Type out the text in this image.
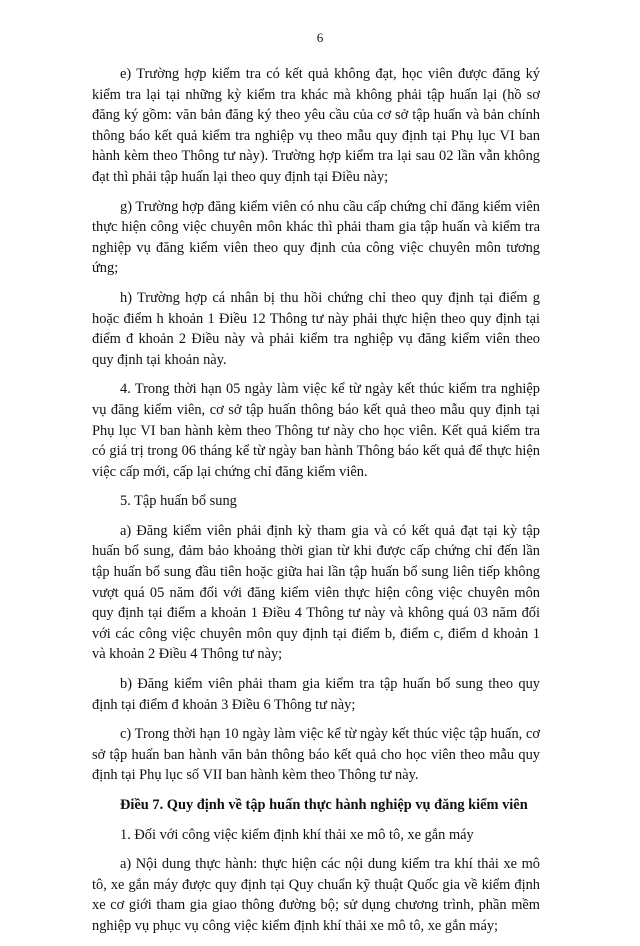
6

e) Trường hợp kiểm tra có kết quả không đạt, học viên được đăng ký kiểm tra lại tại những kỳ kiểm tra khác mà không phải tập huấn lại (hồ sơ đăng ký gồm: văn bản đăng ký theo yêu cầu của cơ sở tập huấn và bản chính thông báo kết quả kiểm tra nghiệp vụ theo mẫu quy định tại Phụ lục VI ban hành kèm theo Thông tư này). Trường hợp kiểm tra lại sau 02 lần vẫn không đạt thì phải tập huấn lại theo quy định tại Điều này;

g) Trường hợp đăng kiểm viên có nhu cầu cấp chứng chỉ đăng kiểm viên thực hiện công việc chuyên môn khác thì phải tham gia tập huấn và kiểm tra nghiệp vụ đăng kiểm viên theo quy định của công việc chuyên môn tương ứng;

h) Trường hợp cá nhân bị thu hồi chứng chỉ theo quy định tại điểm g hoặc điểm h khoản 1 Điều 12 Thông tư này phải thực hiện theo quy định tại điểm đ khoản 2 Điều này và phải kiểm tra nghiệp vụ đăng kiểm viên theo quy định tại khoản này.

4. Trong thời hạn 05 ngày làm việc kể từ ngày kết thúc kiểm tra nghiệp vụ đăng kiểm viên, cơ sở tập huấn thông báo kết quả theo mẫu quy định tại Phụ lục VI ban hành kèm theo Thông tư này cho học viên. Kết quả kiểm tra có giá trị trong 06 tháng kể từ ngày ban hành Thông báo kết quả để thực hiện việc cấp mới, cấp lại chứng chỉ đăng kiểm viên.

5. Tập huấn bổ sung

a) Đăng kiểm viên phải định kỳ tham gia và có kết quả đạt tại kỳ tập huấn bổ sung, đảm bảo khoảng thời gian từ khi được cấp chứng chỉ đến lần tập huấn bổ sung đầu tiên hoặc giữa hai lần tập huấn bổ sung liên tiếp không vượt quá 05 năm đối với đăng kiểm viên thực hiện công việc chuyên môn quy định tại điểm a khoản 1 Điều 4 Thông tư này và không quá 03 năm đối với các công việc chuyên môn quy định tại điểm b, điểm c, điểm d khoản 1 và khoản 2 Điều 4 Thông tư này;

b) Đăng kiểm viên phải tham gia kiểm tra tập huấn bổ sung theo quy định tại điểm đ khoản 3 Điều 6 Thông tư này;

c) Trong thời hạn 10 ngày làm việc kể từ ngày kết thúc việc tập huấn, cơ sở tập huấn ban hành văn bản thông báo kết quả cho học viên theo mẫu quy định tại Phụ lục số VII ban hành kèm theo Thông tư này.

Điều 7. Quy định về tập huấn thực hành nghiệp vụ đăng kiểm viên

1. Đối với công việc kiểm định khí thải xe mô tô, xe gắn máy

a) Nội dung thực hành: thực hiện các nội dung kiểm tra khí thải xe mô tô, xe gắn máy được quy định tại Quy chuẩn kỹ thuật Quốc gia về kiểm định xe cơ giới tham gia giao thông đường bộ; sử dụng chương trình, phần mềm nghiệp vụ phục vụ công việc kiểm định khí thải xe mô tô, xe gắn máy;
